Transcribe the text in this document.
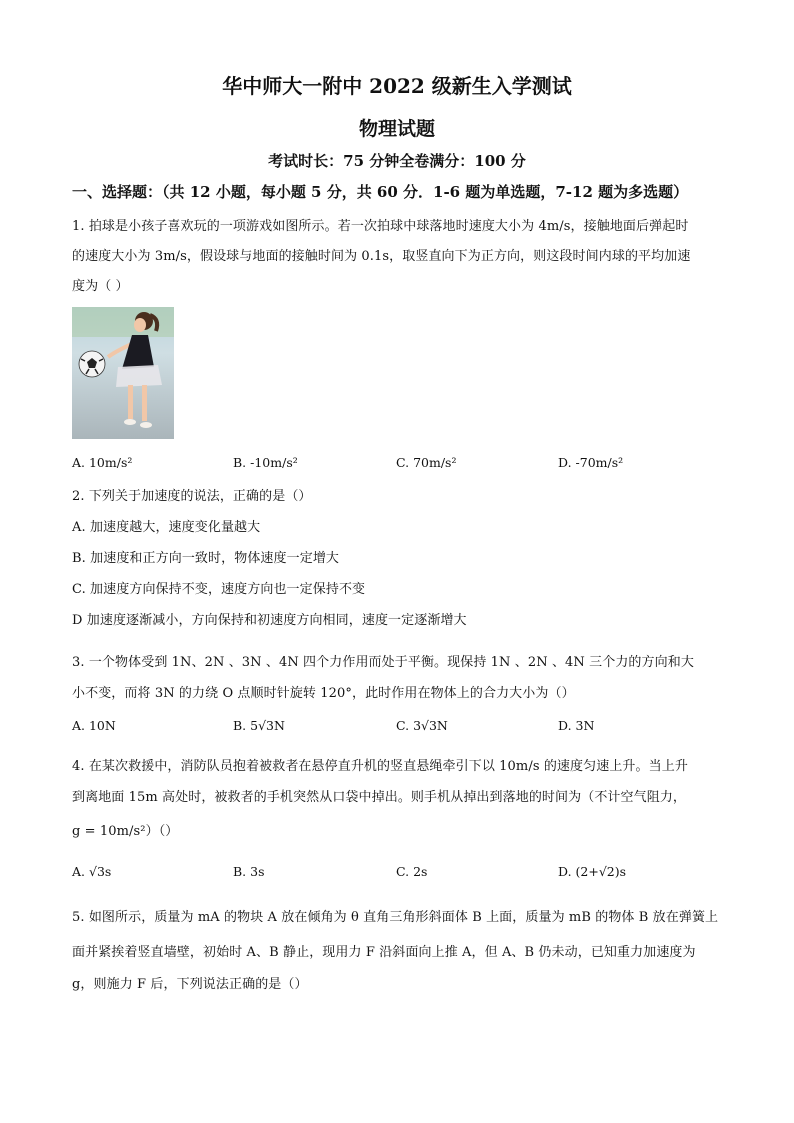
华中师大一附中 2022 级新生入学测试
物理试题
考试时长：75 分钟全卷满分：100 分
一、选择题：（共 12 小题，每小题 5 分，共 60 分．1-6 题为单选题，7-12 题为多选题）
1. 拍球是小孩子喜欢玩的一项游戏如图所示。若一次拍球中球落地时速度大小为 4m/s，接触地面后弹起时
的速度大小为 3m/s，假设球与地面的接触时间为 0.1s，取竖直向下为正方向，则这段时间内球的平均加速
度为（ ）
A. 10m/s²	B. -10m/s²	C. 70m/s²	D. -70m/s²
2. 下列关于加速度的说法，正确的是（）
A. 加速度越大，速度变化量越大
B. 加速度和正方向一致时，物体速度一定增大
C. 加速度方向保持不变，速度方向也一定保持不变
D 加速度逐渐减小，方向保持和初速度方向相同，速度一定逐渐增大
3. 一个物体受到 1N、2N 、3N 、4N 四个力作用而处于平衡。现保持 1N 、2N 、4N 三个力的方向和大
小不变，而将 3N 的力绕 O 点顺时针旋转 120°，此时作用在物体上的合力大小为（）
A. 10N	B. 5√3N	C. 3√3N	D. 3N
4. 在某次救援中，消防队员抱着被救者在悬停直升机的竖直悬绳牵引下以 10m/s 的速度匀速上升。当上升
到离地面 15m 高处时，被救者的手机突然从口袋中掉出。则手机从掉出到落地的时间为（不计空气阻力，
g = 10m/s²）（）
A. √3s	B. 3s	C. 2s	D. (2+√2)s
5. 如图所示，质量为 mA 的物块 A 放在倾角为 θ 直角三角形斜面体 B 上面，质量为 mB 的物体 B 放在弹簧上
面并紧挨着竖直墙壁，初始时 A、B 静止，现用力 F 沿斜面向上推 A，但 A、B 仍未动，已知重力加速度为
g，则施力 F 后，下列说法正确的是（）
